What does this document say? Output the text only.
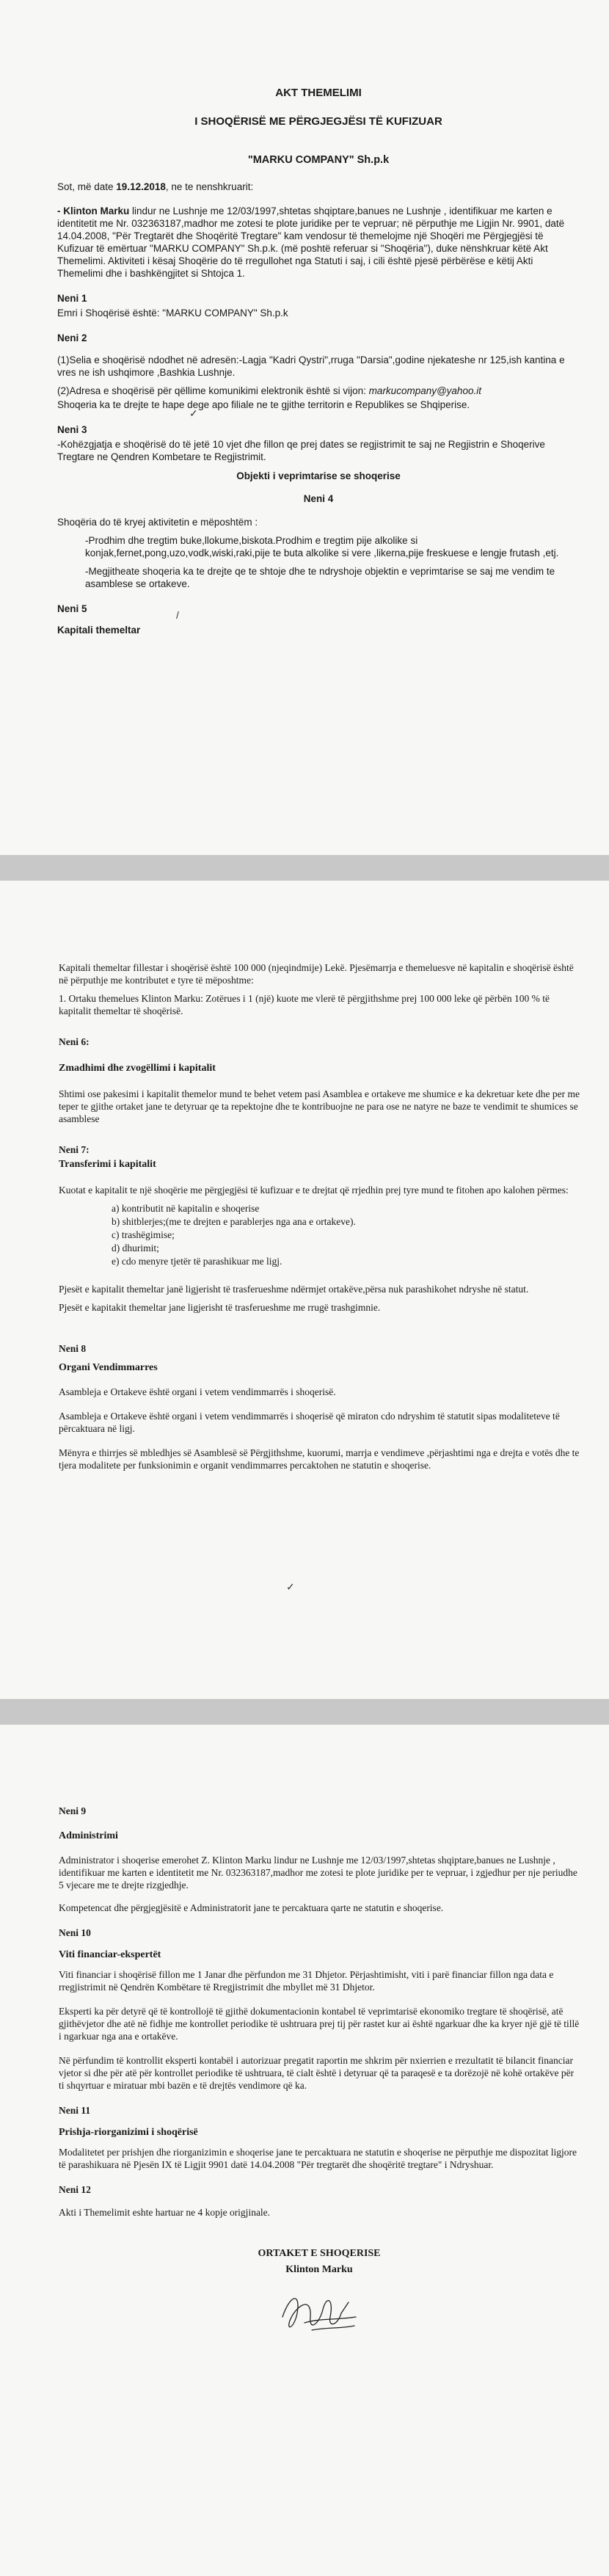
AKT THEMELIMI
I SHOQËRISË ME PËRGJEGJËSI TË KUFIZUAR
"MARKU COMPANY" Sh.p.k

Sot, më date 19.12.2018, ne te nenshkruarit:

- Klinton Marku lindur ne Lushnje me 12/03/1997,shtetas shqiptare,banues ne Lushnje , identifikuar me karten e identitetit me Nr. 032363187,madhor me zotesi te plote juridike per te vepruar; në përputhje me Ligjin Nr. 9901, datë 14.04.2008, "Për Tregtarët dhe Shoqëritë Tregtare" kam vendosur të themelojme një Shoqëri me Përgjegjësi të Kufizuar të emërtuar "MARKU COMPANY" Sh.p.k. (më poshtë referuar si "Shoqëria"), duke nënshkruar këtë Akt Themelimi. Aktiviteti i kësaj Shoqërie do të rregullohet nga Statuti i saj, i cili është pjesë përbërëse e këtij Akti Themelimi dhe i bashkëngjitet si Shtojca 1.

Neni 1

Emri i Shoqërisë është: "MARKU COMPANY" Sh.p.k

Neni 2

(1)Selia e shoqërisë ndodhet në adresën:-Lagja "Kadri Qystri",rruga "Darsia",godine njekateshe nr 125,ish kantina e vres ne ish ushqimore ,Bashkia Lushnje.

(2)Adresa e shoqërisë për qëllime komunikimi elektronik është si vijon: markucompany@yahoo.it

Shoqeria ka te drejte te hape dege apo filiale ne te gjithe territorin e Republikes se Shqiperise.

Neni 3

-Kohëzgjatja e shoqërisë do të jetë 10 vjet dhe fillon qe prej dates se regjistrimit te saj ne Regjistrin e Shoqerive Tregtare ne Qendren Kombetare te Regjistrimit.

Objekti i veprimtarise se shoqerise
Neni 4

Shoqëria do të kryej aktivitetin e mëposhtëm :

-Prodhim dhe tregtim buke,llokume,biskota.Prodhim e tregtim pije alkolike si konjak,fernet,pong,uzo,vodk,wiski,raki,pije te buta alkolike si vere ,likerna,pije freskuese e lengje frutash ,etj.

-Megjitheate shoqeria ka te drejte qe te shtoje dhe te ndryshoje objektin e veprimtarise se saj me vendim te asamblese se ortakeve.

Neni 5
Kapitali themeltar
✓
/

Kapitali themeltar fillestar i shoqërisë është 100 000 (njeqindmije) Lekë. Pjesëmarrja e themeluesve në kapitalin e shoqërisë është në përputhje me kontributet e tyre të mëposhtme:

1. Ortaku themelues Klinton Marku: Zotërues i 1 (një) kuote me vlerë të përgjithshme prej 100 000 leke që përbën 100 % të kapitalit themeltar të shoqërisë.

Neni 6:
Zmadhimi dhe zvogëllimi i kapitalit

Shtimi ose pakesimi i kapitalit themelor mund te behet vetem pasi Asamblea e ortakeve me shumice e ka dekretuar kete dhe per me teper te gjithe ortaket jane te detyruar qe ta repektojne dhe te kontribuojne ne para ose ne natyre ne baze te vendimit te shumices se asamblese

Neni 7:
Transferimi i kapitalit

Kuotat e kapitalit te një shoqërie me përgjegjësi të kufizuar e te drejtat që rrjedhin prej tyre mund te fitohen apo kalohen përmes:

a) kontributit në kapitalin e shoqerise
b) shitblerjes;(me te drejten e parablerjes nga ana e ortakeve).
c) trashëgimise;
d) dhurimit;
e) cdo menyre tjetër të parashikuar me ligj.

Pjesët e kapitalit themeltar janë ligjerisht të trasferueshme ndërmjet ortakëve,përsa nuk parashikohet ndryshe në statut.

Pjesët e kapitakit themeltar jane ligjerisht të trasferueshme me rrugë trashgimnie.

Neni 8
Organi Vendimmarres

Asambleja e Ortakeve është organi i vetem vendimmarrës i shoqerisë.

Asambleja e Ortakeve është organi i vetem vendimmarrës i shoqerisë që miraton cdo ndryshim të statutit sipas modaliteteve të përcaktuara në ligj.

Mënyra e thirrjes së mbledhjes së Asamblesë së Përgjithshme, kuorumi, marrja e vendimeve ,përjashtimi nga e drejta e votës dhe te tjera modalitete per funksionimin e organit vendimmarres percaktohen ne statutin e shoqerise.

✓
Neni 9
Administrimi

Administrator i shoqerise emerohet Z. Klinton Marku lindur ne Lushnje me 12/03/1997,shtetas shqiptare,banues ne Lushnje , identifikuar me karten e identitetit me Nr. 032363187,madhor me zotesi te plote juridike per te vepruar, i zgjedhur per nje periudhe 5 vjecare me te drejte rizgjedhje.

Kompetencat dhe përgjegjësitë e Administratorit jane te percaktuara qarte ne statutin e shoqerise.

Neni 10
Viti financiar-ekspertët

Viti financiar i shoqërisë fillon me 1 Janar dhe përfundon me 31 Dhjetor. Përjashtimisht, viti i parë financiar fillon nga data e rregjistrimit në Qendrën Kombëtare të Rregjistrimit dhe mbyllet më 31 Dhjetor.

Eksperti ka për detyrë që të kontrollojë të gjithë dokumentacionin kontabel të veprimtarisë ekonomiko tregtare të shoqërisë, atë gjithëvjetor dhe atë në fidhje me kontrollet periodike të ushtruara prej tij për rastet kur ai është ngarkuar dhe ka kryer një gjë të tillë i ngarkuar nga ana e ortakëve.

Në përfundim të kontrollit eksperti kontabël i autorizuar pregatit raportin me shkrim për nxierrien e rrezultatit të bilancit financiar vjetor si dhe për atë për kontrollet periodike të ushtruara, të cialt është i detyruar që ta paraqesë e ta dorëzojë në kohë ortakëve për ti shqyrtuar e miratuar mbi bazën e të drejtës vendimore që ka.

Neni 11
Prishja-riorganizimi i shoqërisë

Modalitetet per prishjen dhe riorganizimin e shoqerise jane te percaktuara ne statutin e shoqerise ne përputhje me dispozitat ligjore të parashikuara në Pjesën IX të Ligjit 9901 datë 14.04.2008 "Për tregtarët dhe shoqëritë tregtare" i Ndryshuar.

Neni 12

Akti i Themelimit eshte hartuar ne 4 kopje origjinale.

ORTAKET E SHOQERISE
Klinton Marku
